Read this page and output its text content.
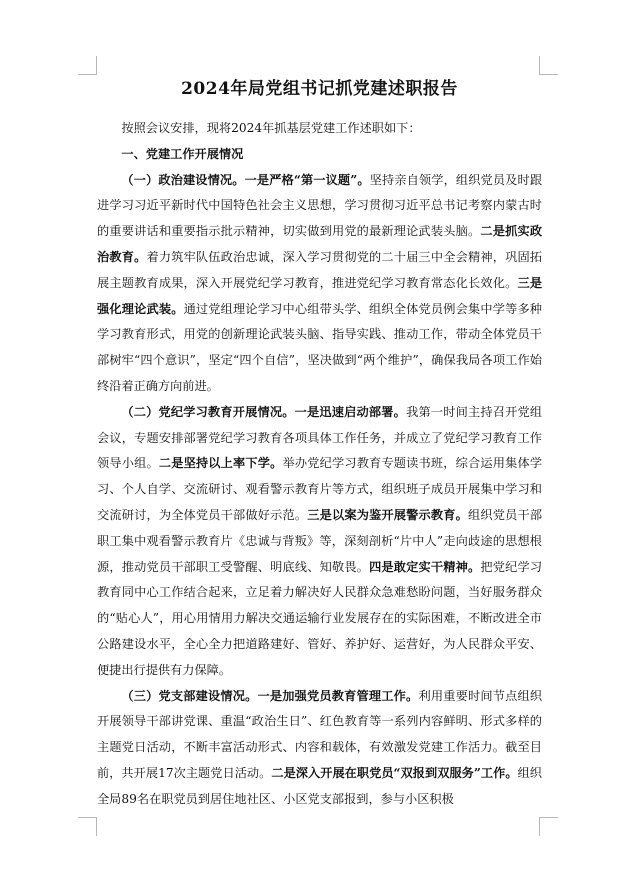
2024年局党组书记抓党建述职报告

按照会议安排，现将2024年抓基层党建工作述职如下：

一、党建工作开展情况

（一）政治建设情况。一是严格“第一议题”。坚持亲自领学，组织党员及时跟进学习习近平新时代中国特色社会主义思想，学习贯彻习近平总书记考察内蒙古时的重要讲话和重要指示批示精神，切实做到用党的最新理论武装头脑。二是抓实政治教育。着力筑牢队伍政治忠诚，深入学习贯彻党的二十届三中全会精神，巩固拓展主题教育成果，深入开展党纪学习教育，推进党纪学习教育常态化长效化。三是强化理论武装。通过党组理论学习中心组带头学、组织全体党员例会集中学等多种学习教育形式，用党的创新理论武装头脑、指导实践、推动工作，带动全体党员干部树牢“四个意识”，坚定“四个自信”，坚决做到“两个维护”，确保我局各项工作始终沿着正确方向前进。

（二）党纪学习教育开展情况。一是迅速启动部署。我第一时间主持召开党组会议，专题安排部署党纪学习教育各项具体工作任务，并成立了党纪学习教育工作领导小组。二是坚持以上率下学。举办党纪学习教育专题读书班，综合运用集体学习、个人自学、交流研讨、观看警示教育片等方式，组织班子成员开展集中学习和交流研讨，为全体党员干部做好示范。三是以案为鉴开展警示教育。组织党员干部职工集中观看警示教育片《忠诚与背叛》等，深刻剖析“片中人”走向歧途的思想根源，推动党员干部职工受警醒、明底线、知敬畏。四是敢定实干精神。把党纪学习教育同中心工作结合起来，立足着力解决好人民群众急难愁盼问题，当好服务群众的“贴心人”，用心用情用力解决交通运输行业发展存在的实际困难，不断改进全市公路建设水平，全心全力把道路建好、管好、养护好、运营好，为人民群众平安、便捷出行提供有力保障。

（三）党支部建设情况。一是加强党员教育管理工作。利用重要时间节点组织开展领导干部讲党课、重温“政治生日”、红色教育等一系列内容鲜明、形式多样的主题党日活动，不断丰富活动形式、内容和载体，有效激发党建工作活力。截至目前，共开展17次主题党日活动。二是深入开展在职党员“双报到双服务”工作。组织全局89名在职党员到居住地社区、小区党支部报到，参与小区积极
